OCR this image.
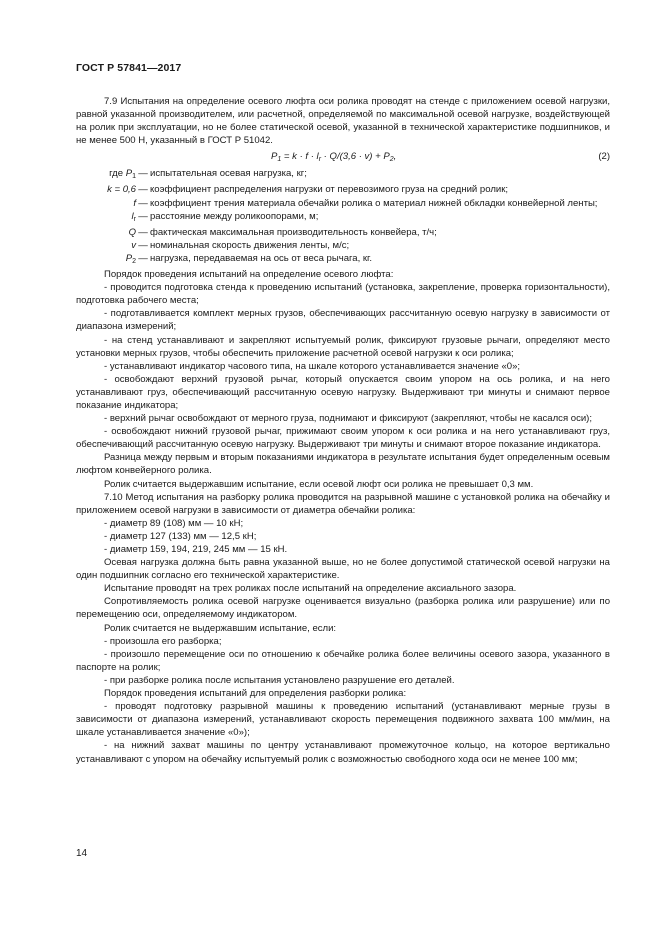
ГОСТ Р 57841—2017

7.9 Испытания на определение осевого люфта оси ролика проводят на стенде с приложением осевой нагрузки, равной указанной производителем, или расчетной, определяемой по максимальной осевой нагрузке, воздействующей на ролик при эксплуатации, но не более статической осевой, указанной в технической характеристике подшипников, и не менее 500 Н, указанный в ГОСТ Р 51042.

$P_1 = k \cdot f \cdot l_r \cdot Q/(3,6 \cdot v) + P_2$,	(2)
где $P_1$ — испытательная осевая нагрузка, кг;
k = 0,6 — коэффициент распределения нагрузки от перевозимого груза на средний ролик;
f — коэффициент трения материала обечайки ролика о материал нижней обкладки конвейерной ленты;
$l_r$ — расстояние между роликоопорами, м;
Q — фактическая максимальная производительность конвейера, т/ч;
v — номинальная скорость движения ленты, м/с;
$P_2$ — нагрузка, передаваемая на ось от веса рычага, кг.

Порядок проведения испытаний на определение осевого люфта:

- проводится подготовка стенда к проведению испытаний (установка, закрепление, проверка горизонтальности), подготовка рабочего места;

- подготавливается комплект мерных грузов, обеспечивающих рассчитанную осевую нагрузку в зависимости от диапазона измерений;

- на стенд устанавливают и закрепляют испытуемый ролик, фиксируют грузовые рычаги, определяют место установки мерных грузов, чтобы обеспечить приложение расчетной осевой нагрузки к оси ролика;

- устанавливают индикатор часового типа, на шкале которого устанавливается значение «0»;

- освобождают верхний грузовой рычаг, который опускается своим упором на ось ролика, и на него устанавливают груз, обеспечивающий рассчитанную осевую нагрузку. Выдерживают три минуты и снимают первое показание индикатора;

- верхний рычаг освобождают от мерного груза, поднимают и фиксируют (закрепляют, чтобы не касался оси);

- освобождают нижний грузовой рычаг, прижимают своим упором к оси ролика и на него устанавливают груз, обеспечивающий рассчитанную осевую нагрузку. Выдерживают три минуты и снимают второе показание индикатора.

Разница между первым и вторым показаниями индикатора в результате испытания будет определенным осевым люфтом конвейерного ролика.

Ролик считается выдержавшим испытание, если осевой люфт оси ролика не превышает 0,3 мм.

7.10 Метод испытания на разборку ролика проводится на разрывной машине с установкой ролика на обечайку и приложением осевой нагрузки в зависимости от диаметра обечайки ролика:

- диаметр 89 (108) мм — 10 кН;

- диаметр 127 (133) мм — 12,5 кН;

- диаметр 159, 194, 219, 245 мм — 15 кН.

Осевая нагрузка должна быть равна указанной выше, но не более допустимой статической осевой нагрузки на один подшипник согласно его технической характеристике.

Испытание проводят на трех роликах после испытаний на определение аксиального зазора.

Сопротивляемость ролика осевой нагрузке оценивается визуально (разборка ролика или разрушение) или по перемещению оси, определяемому индикатором.

Ролик считается не выдержавшим испытание, если:

- произошла его разборка;

- произошло перемещение оси по отношению к обечайке ролика более величины осевого зазора, указанного в паспорте на ролик;

- при разборке ролика после испытания установлено разрушение его деталей.

Порядок проведения испытаний для определения разборки ролика:

- проводят подготовку разрывной машины к проведению испытаний (устанавливают мерные грузы в зависимости от диапазона измерений, устанавливают скорость перемещения подвижного захвата 100 мм/мин, на шкале устанавливается значение «0»);

- на нижний захват машины по центру устанавливают промежуточное кольцо, на которое вертикально устанавливают с упором на обечайку испытуемый ролик с возможностью свободного хода оси не менее 100 мм;

14
